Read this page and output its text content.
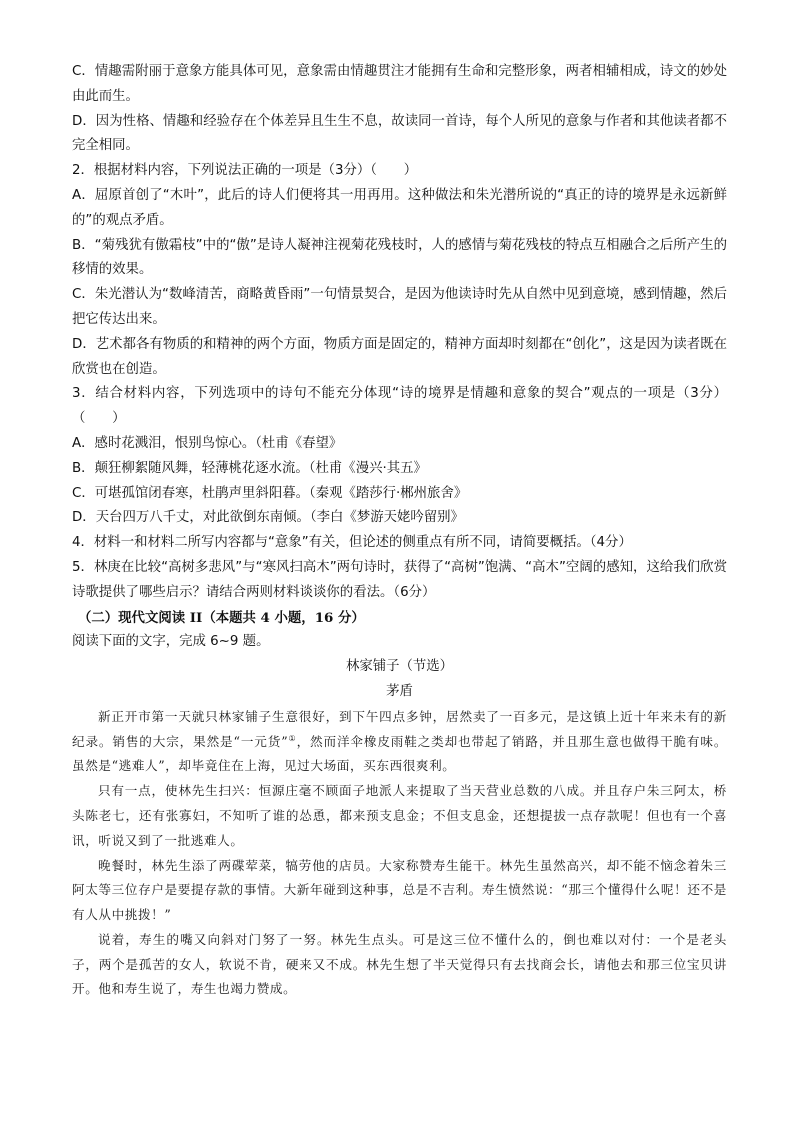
C．情趣需附丽于意象方能具体可见，意象需由情趣贯注才能拥有生命和完整形象，两者相辅相成，诗文的妙处由此而生。

D．因为性格、情趣和经验存在个体差异且生生不息，故读同一首诗，每个人所见的意象与作者和其他读者都不完全相同。

2．根据材料内容，下列说法正确的一项是（3分）（　　）

A．屈原首创了“木叶”，此后的诗人们便将其一用再用。这种做法和朱光潜所说的“真正的诗的境界是永远新鲜的”的观点矛盾。

B．“菊残犹有傲霜枝”中的“傲”是诗人凝神注视菊花残枝时，人的感情与菊花残枝的特点互相融合之后所产生的移情的效果。

C．朱光潜认为“数峰清苦，商略黄昏雨”一句情景契合，是因为他读诗时先从自然中见到意境，感到情趣，然后把它传达出来。

D．艺术都各有物质的和精神的两个方面，物质方面是固定的，精神方面却时刻都在“创化”，这是因为读者既在欣赏也在创造。

3．结合材料内容，下列选项中的诗句不能充分体现“诗的境界是情趣和意象的契合”观点的一项是（3分）（　　）

A．感时花溅泪，恨别鸟惊心。（杜甫《春望》

B．颠狂柳絮随风舞，轻薄桃花逐水流。（杜甫《漫兴·其五》

C．可堪孤馆闭春寒，杜鹃声里斜阳暮。（秦观《踏莎行·郴州旅舍》

D．天台四万八千丈，对此欲倒东南倾。（李白《梦游天姥吟留别》

4．材料一和材料二所写内容都与“意象”有关，但论述的侧重点有所不同，请简要概括。（4分）

5．林庚在比较“高树多悲风”与“寒风扫高木”两句诗时，获得了“高树”饱满、“高木”空阔的感知，这给我们欣赏诗歌提供了哪些启示？请结合两则材料谈谈你的看法。（6分）

（二）现代文阅读 II（本题共 4 小题，16 分）

阅读下面的文字，完成 6~9 题。

林家铺子（节选）

茅盾

新正开市第一天就只林家铺子生意很好，到下午四点多钟，居然卖了一百多元，是这镇上近十年来未有的新纪录。销售的大宗，果然是“一元货”①，然而洋伞橡皮雨鞋之类却也带起了销路，并且那生意也做得干脆有味。虽然是“逃难人”，却毕竟住在上海，见过大场面，买东西很爽利。

只有一点，使林先生扫兴：恒源庄毫不顾面子地派人来提取了当天营业总数的八成。并且存户朱三阿太，桥头陈老七，还有张寡妇，不知听了谁的怂恿，都来预支息金；不但支息金，还想提拔一点存款呢！但也有一个喜讯，听说又到了一批逃难人。

晚餐时，林先生添了两碟荤菜，犒劳他的店员。大家称赞寿生能干。林先生虽然高兴，却不能不恼念着朱三阿太等三位存户是要提存款的事情。大新年碰到这种事，总是不吉利。寿生愤然说：“那三个懂得什么呢！还不是有人从中挑拨！”

说着，寿生的嘴又向斜对门努了一努。林先生点头。可是这三位不懂什么的，倒也难以对付：一个是老头子，两个是孤苦的女人，软说不肯，硬来又不成。林先生想了半天觉得只有去找商会长，请他去和那三位宝贝讲开。他和寿生说了，寿生也竭力赞成。
